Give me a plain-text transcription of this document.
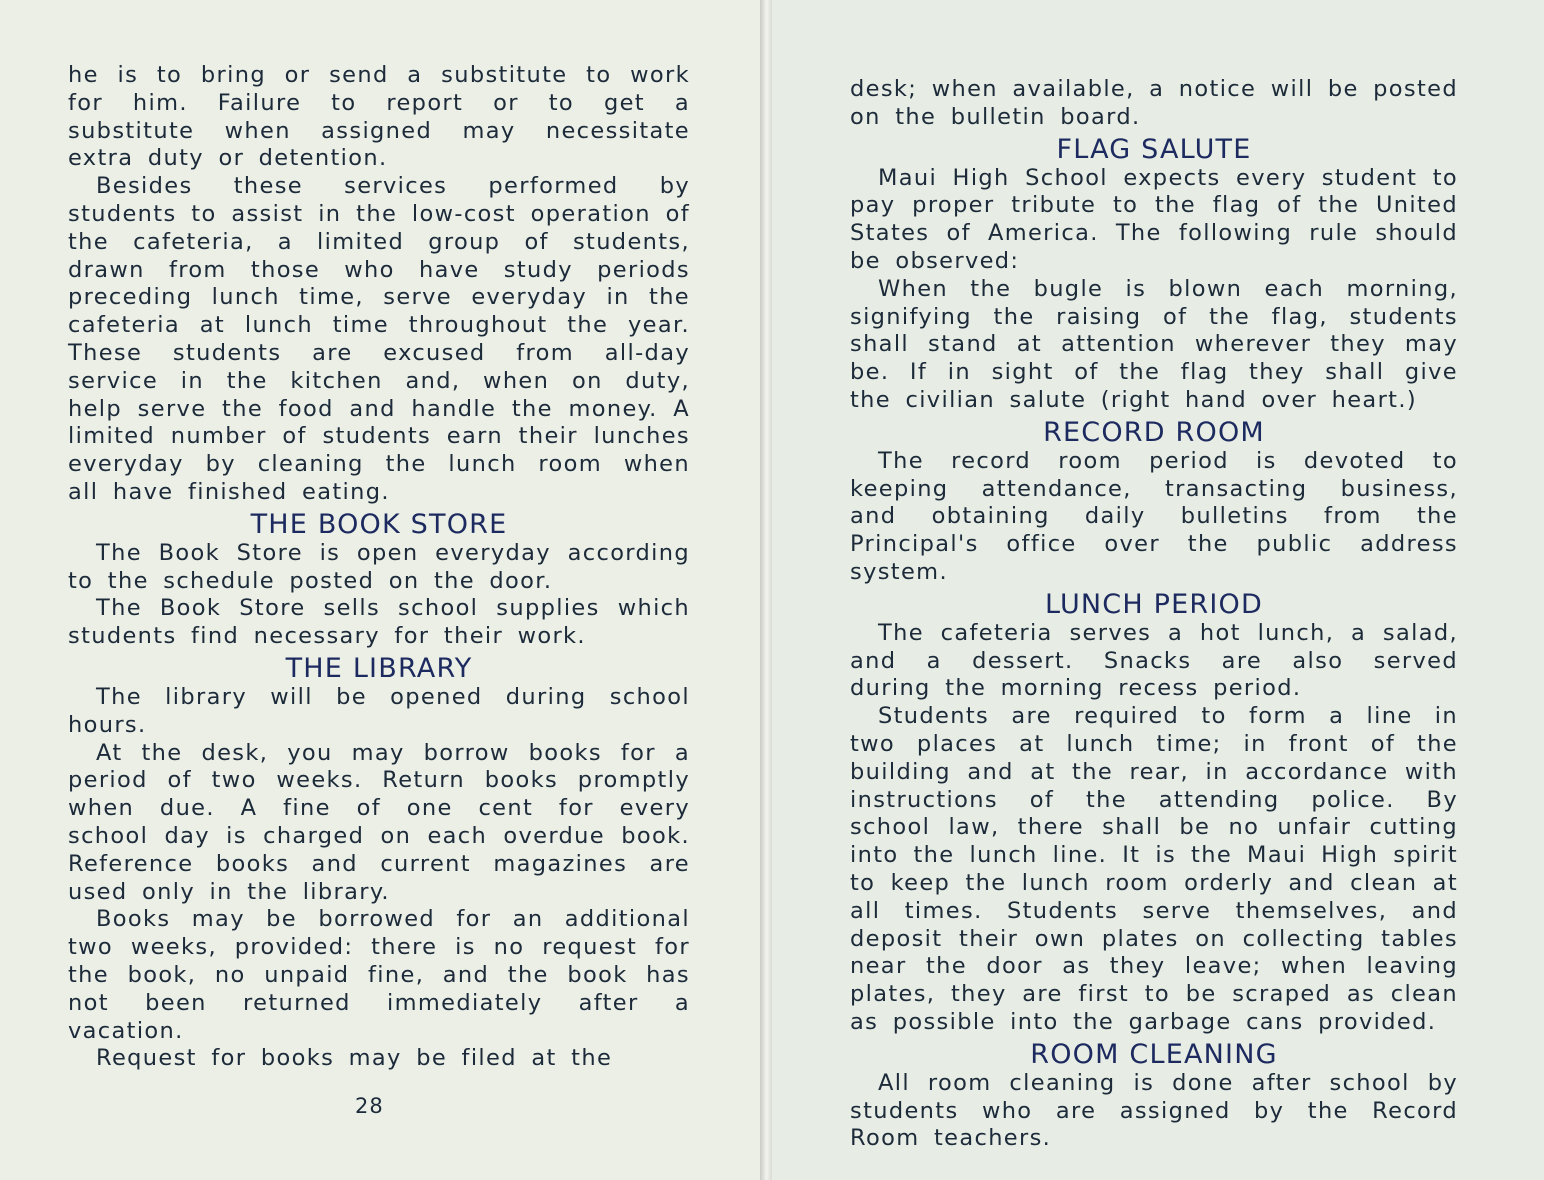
he is to bring or send a substitute to work for him. Failure to report or to get a substitute when assigned may necessitate extra duty or detention.

Besides these services performed by students to assist in the low-cost operation of the cafeteria, a limited group of students, drawn from those who have study periods preceding lunch time, serve everyday in the cafeteria at lunch time throughout the year. These students are excused from all-day service in the kitchen and, when on duty, help serve the food and handle the money. A limited number of students earn their lunches everyday by cleaning the lunch room when all have finished eating.

THE BOOK STORE

The Book Store is open everyday according to the schedule posted on the door.

The Book Store sells school supplies which students find necessary for their work.

THE LIBRARY

The library will be opened during school hours.

At the desk, you may borrow books for a period of two weeks. Return books promptly when due. A fine of one cent for every school day is charged on each overdue book. Reference books and current magazines are used only in the library.

Books may be borrowed for an additional two weeks, provided: there is no request for the book, no unpaid fine, and the book has not been returned immediately after a vacation.

Request for books may be filed at the

28

desk; when available, a notice will be posted on the bulletin board.

FLAG SALUTE

Maui High School expects every student to pay proper tribute to the flag of the United States of America. The following rule should be observed:

When the bugle is blown each morning, signifying the raising of the flag, students shall stand at attention wherever they may be. If in sight of the flag they shall give the civilian salute (right hand over heart.)

RECORD ROOM

The record room period is devoted to keeping attendance, transacting business, and obtaining daily bulletins from the Principal's office over the public address system.

LUNCH PERIOD

The cafeteria serves a hot lunch, a salad, and a dessert. Snacks are also served during the morning recess period.

Students are required to form a line in two places at lunch time; in front of the building and at the rear, in accordance with instructions of the attending police. By school law, there shall be no unfair cutting into the lunch line. It is the Maui High spirit to keep the lunch room orderly and clean at all times. Students serve themselves, and deposit their own plates on collecting tables near the door as they leave; when leaving plates, they are first to be scraped as clean as possible into the garbage cans provided.

ROOM CLEANING

All room cleaning is done after school by students who are assigned by the Record Room teachers.
